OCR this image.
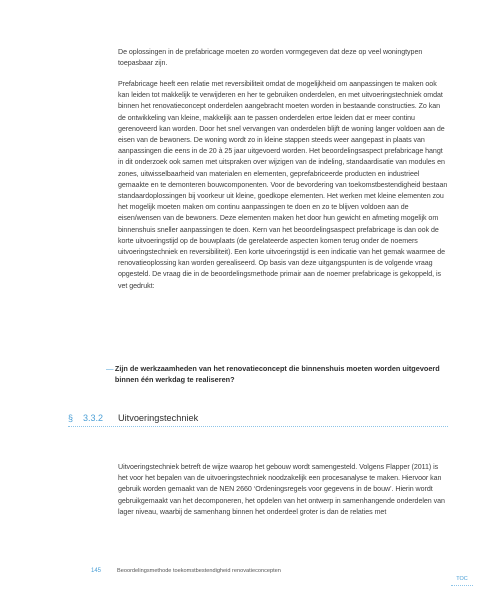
De oplossingen in de prefabricage moeten zo worden vormgegeven dat deze op veel woningtypen toepasbaar zijn.

Prefabricage heeft een relatie met reversibiliteit omdat de mogelijkheid om aanpassingen te maken ook kan leiden tot makkelijk te verwijderen en her te gebruiken onderdelen, en met uitvoeringstechniek omdat binnen het renovatieconcept onderdelen aangebracht moeten worden in bestaande constructies. Zo kan de ontwikkeling van kleine, makkelijk aan te passen onderdelen ertoe leiden dat er meer continu gerenoveerd kan worden. Door het snel vervangen van onderdelen blijft de woning langer voldoen aan de eisen van de bewoners. De woning wordt zo in kleine stappen steeds weer aangepast in plaats van aanpassingen die eens in de 20 à 25 jaar uitgevoerd worden. Het beoordelingsaspect prefabricage hangt in dit onderzoek ook samen met uitspraken over wijzigen van de indeling, standaardisatie van modules en zones, uitwisselbaarheid van materialen en elementen, geprefabriceerde producten en industrieel gemaakte en te demonteren bouwcomponenten. Voor de bevordering van toekomstbestendigheid bestaan standaardoplossingen bij voorkeur uit kleine, goedkope elementen. Het werken met kleine elementen zou het mogelijk moeten maken om continu aanpassingen te doen en zo te blijven voldoen aan de eisen/wensen van de bewoners. Deze elementen maken het door hun gewicht en afmeting mogelijk om binnenshuis sneller aanpassingen te doen. Kern van het beoordelingsaspect prefabricage is dan ook de korte uitvoeringstijd op de bouwplaats (de gerelateerde aspecten komen terug onder de noemers uitvoeringstechniek en reversibiliteit). Een korte uitvoeringstijd is een indicatie van het gemak waarmee de renovatieoplossing kan worden gerealiseerd. Op basis van deze uitgangspunten is de volgende vraag opgesteld. De vraag die in de beoordelingsmethode primair aan de noemer prefabricage is gekoppeld, is vet gedrukt:

— Zijn de werkzaamheden van het renovatieconcept die binnenshuis moeten worden uitgevoerd binnen één werkdag te realiseren?

§	3.3.2	Uitvoeringstechniek

Uitvoeringstechniek betreft de wijze waarop het gebouw wordt samengesteld. Volgens Flapper (2011) is het voor het bepalen van de uitvoeringstechniek noodzakelijk een procesanalyse te maken. Hiervoor kan gebruik worden gemaakt van de NEN 2660 ‘Ordeningsregels voor gegevens in de bouw’. Hierin wordt gebruikgemaakt van het decomponeren, het opdelen van het ontwerp in samenhangende onderdelen van lager niveau, waarbij de samenhang binnen het onderdeel groter is dan de relaties met

145	Beoordelingsmethode toekomstbestendigheid renovatieconcepten
TOC
